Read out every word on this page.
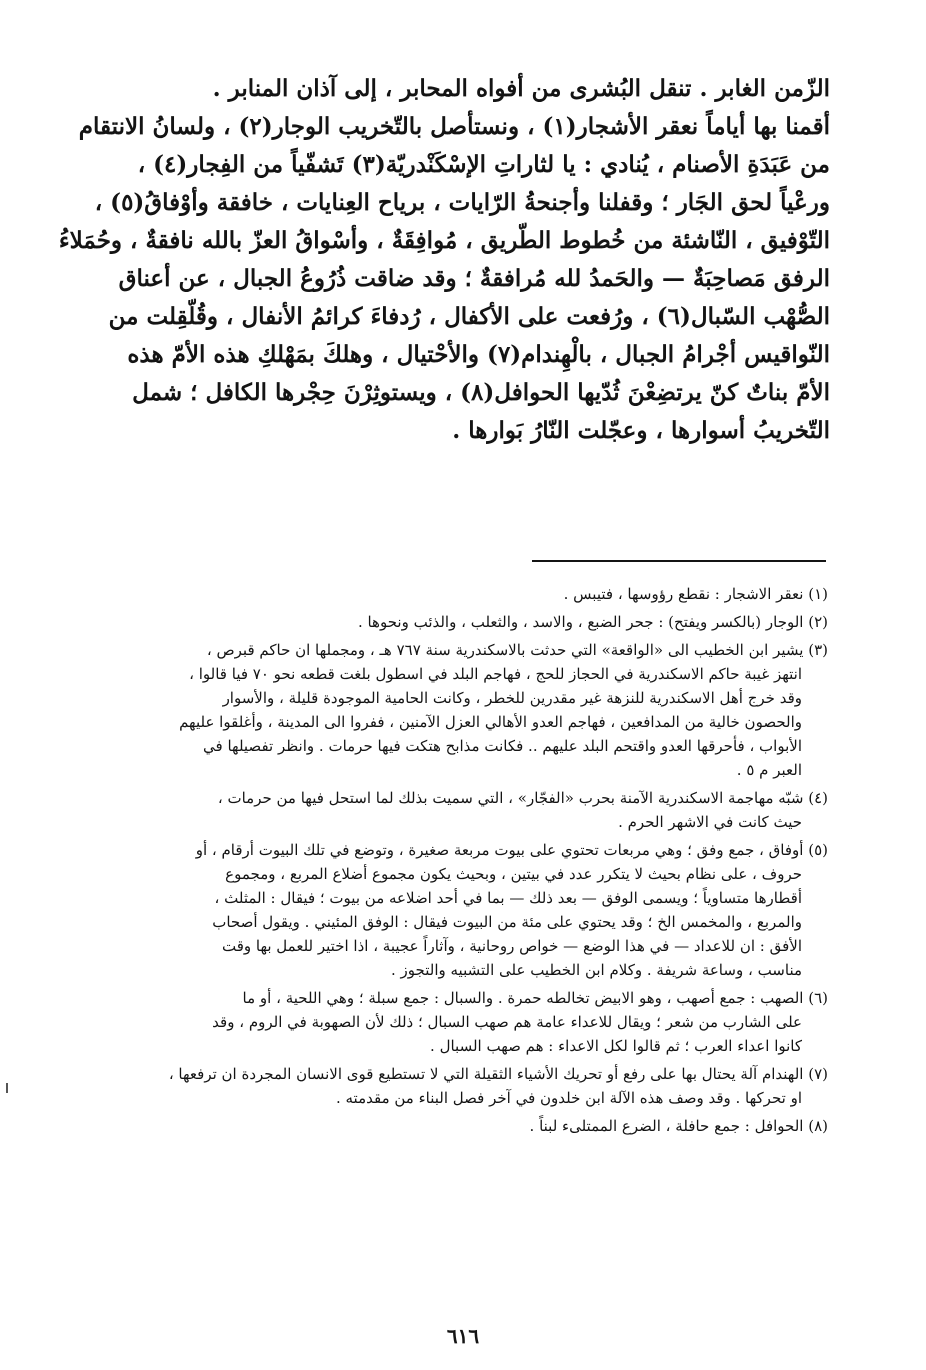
الزّمن الغابر . تنقل البُشرى من أفواه المحابر ، إلى آذان المنابر .
أقمنا بها أياماً نعقر الأشجار(١) ، ونستأصل بالتّخريب الوجار(٢) ، ولسانُ الانتقام
من عَبَدَةِ الأصنام ، يُنادي : يا لثاراتِ الإسْكَنْدريّة(٣) تَشفّياً من الفِجار(٤) ،
ورعْياً لحق الجَار ؛ وقفلنا وأجنحةُ الرّايات ، برياح العِنايات ، خافقة وأوْفاقُ(٥) ،
التّوْفيق ، النّاشئة من خُطوط الطّريق ، مُوافِقَةٌ ، وأسْواقُ العزّ بالله نافقةٌ ، وحُمَلاءُ
الرفق مَصاحِبَةٌ — والحَمدُ لله مُرافقةٌ ؛ وقد ضاقت ذُرُوعُ الجبال ، عن أعناق
الصُّهْب السّبال(٦) ، ورُفعت على الأكفال ، رُدفاءَ كرائمُ الأنفال ، وقُلّقِلت من
النّواقيس أجْرامُ الجبال ، بالْهِندام(٧) والأحْتيال ، وهلكَ بمَهْلكِ هذه الأمّ هذه
الأمّ بناتٌ كنّ يرتضِعْنَ ثُدّيها الحوافل(٨) ، ويستوثِرْنَ حِجْرها الكافل ؛ شمل
التّخريبُ أسوارها ، وعجّلت النّارُ بَوارها .
(١) نعقر الاشجار : نقطع رؤوسها ، فتيبس .
(٢) الوجار (بالكسر ويفتح) : جحر الضبع ، والاسد ، والثعلب ، والذئب ونحوها .
(٣) يشير ابن الخطيب الى «الواقعة» التي حدثت بالاسكندرية سنة ٧٦٧ هـ ، ومجملها ان حاكم قبرص ،
انتهز غيبة حاكم الاسكندرية في الحجاز للحج ، فهاجم البلد في اسطول بلغت قطعه نحو ٧٠ فيا قالوا ،
وقد خرج أهل الاسكندرية للنزهة غير مقدرين للخطر ، وكانت الحامية الموجودة قليلة ، والأسوار
والحصون خالية من المدافعين ، فهاجم العدو الأهالي العزل الآمنين ، ففروا الى المدينة ، وأغلقوا عليهم
الأبواب ، فأحرقها العدو واقتحم البلد عليهم .. فكانت مذابح هتكت فيها حرمات . وانظر تفصيلها في
العبر م ٥ .
(٤) شبّه مهاجمة الاسكندرية الآمنة بحرب «الفجّار» ، التي سميت بذلك لما استحل فيها من حرمات ،
حيث كانت في الاشهر الحرم .
(٥) أوفاق ، جمع وفق ؛ وهي مربعات تحتوي على بيوت مربعة صغيرة ، وتوضع في تلك البيوت أرقام ، أو
حروف ، على نظام بحيث لا يتكرر عدد في بيتين ، وبحيث يكون مجموع أضلاع المربع ، ومجموع
أقطارها متساوياً ؛ ويسمى الوفق — بعد ذلك — بما في أحد اضلاعه من بيوت ؛ فيقال : المثلث ،
والمربع ، والمخمس الخ ؛ وقد يحتوي على مئة من البيوت فيقال : الوفق المئيني . ويقول أصحاب
الأفق : ان للاعداد — في هذا الوضع — خواص روحانية ، وآثاراً عجيبة ، اذا اختير للعمل بها وقت
مناسب ، وساعة شريفة . وكلام ابن الخطيب على التشبيه والتجوز .
(٦) الصهب : جمع أصهب ، وهو الابيض تخالطه حمرة . والسبال : جمع سبلة ؛ وهي اللحية ، أو ما
على الشارب من شعر ؛ ويقال للاعداء عامة هم صهب السبال ؛ ذلك لأن الصهوبة في الروم ، وقد
كانوا اعداء العرب ؛ ثم قالوا لكل الاعداء : هم صهب السبال .
(٧) الهندام آلة يحتال بها على رفع أو تحريك الأشياء الثقيلة التي لا تستطيع قوى الانسان المجردة ان ترفعها ،
او تحركها . وقد وصف هذه الآلة ابن خلدون في آخر فصل البناء من مقدمته .
(٨) الحوافل : جمع حافلة ، الضرع الممتلىء لبناً .
٦١٦
